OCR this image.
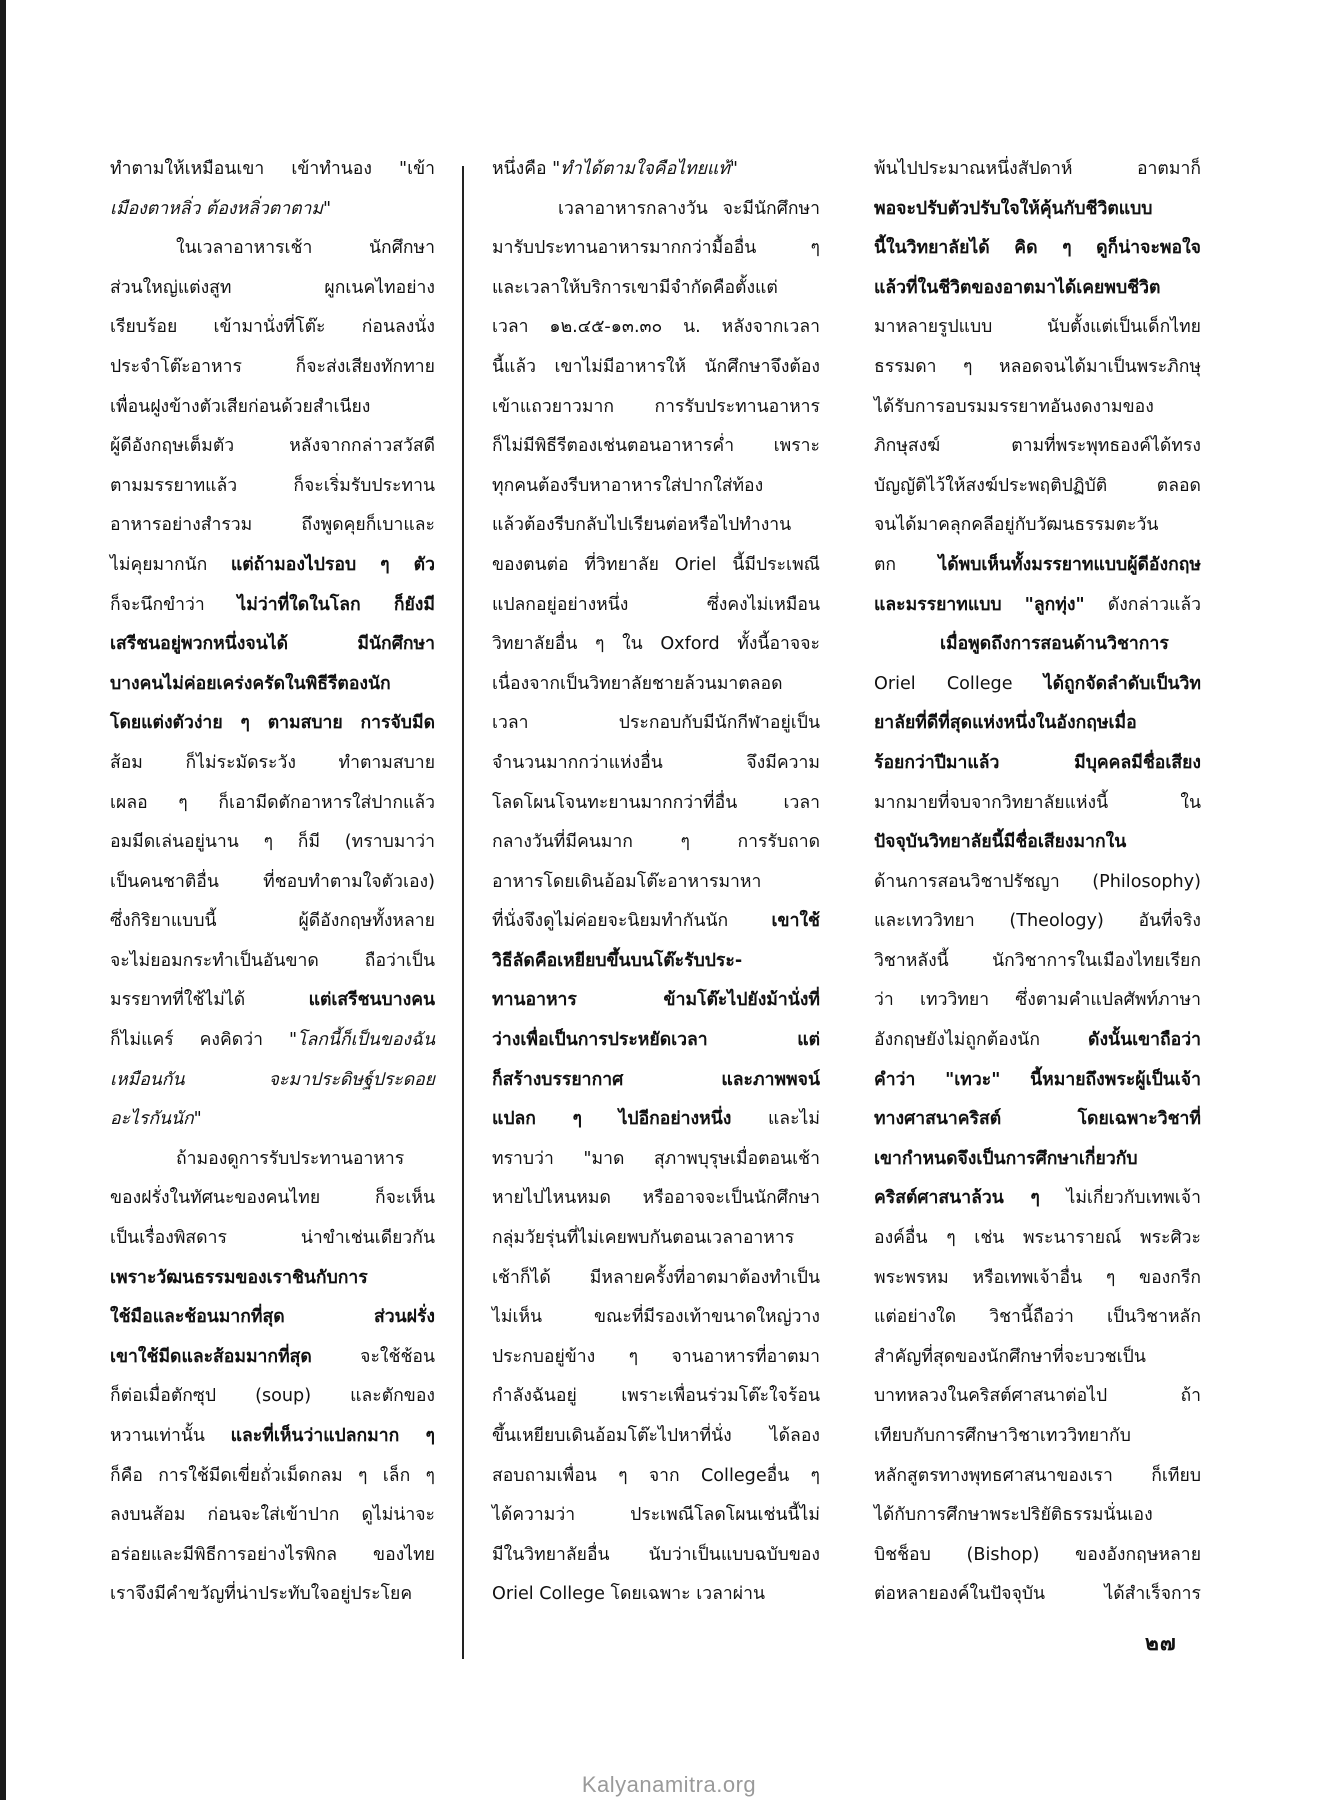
ทำตามให้เหมือนเขา เข้าทำนอง "เข้า

เมืองตาหลิ่ว ต้องหลิ่วตาตาม"

ในเวลาอาหารเช้า นักศึกษา

ส่วนใหญ่แต่งสูท ผูกเนคไทอย่าง

เรียบร้อย เข้ามานั่งที่โต๊ะ ก่อนลงนั่ง

ประจำโต๊ะอาหาร ก็จะส่งเสียงทักทาย

เพื่อนฝูงข้างตัวเสียก่อนด้วยสำเนียง

ผู้ดีอังกฤษเต็มตัว หลังจากกล่าวสวัสดี

ตามมรรยาทแล้ว ก็จะเริ่มรับประทาน

อาหารอย่างสำรวม ถึงพูดคุยก็เบาและ

ไม่คุยมากนัก แต่ถ้ามองไปรอบ ๆ ตัว

ก็จะนึกขำว่า ไม่ว่าที่ใดในโลก ก็ยังมี

เสรีชนอยู่พวกหนึ่งจนได้ มีนักศึกษา

บางคนไม่ค่อยเคร่งครัดในพิธีรีตองนัก

โดยแต่งตัวง่าย ๆ ตามสบาย การจับมีด

ส้อม ก็ไม่ระมัดระวัง ทำตามสบาย

เผลอ ๆ ก็เอามีดตักอาหารใส่ปากแล้ว

อมมีดเล่นอยู่นาน ๆ ก็มี (ทราบมาว่า

เป็นคนชาติอื่น ที่ชอบทำตามใจตัวเอง)

ซึ่งกิริยาแบบนี้ ผู้ดีอังกฤษทั้งหลาย

จะไม่ยอมกระทำเป็นอันขาด ถือว่าเป็น

มรรยาทที่ใช้ไม่ได้ แต่เสรีชนบางคน

ก็ไม่แคร์ คงคิดว่า "โลกนี้ก็เป็นของฉัน

เหมือนกัน จะมาประดิษฐ์ประดอย

อะไรกันนัก"

ถ้ามองดูการรับประทานอาหาร

ของฝรั่งในทัศนะของคนไทย ก็จะเห็น

เป็นเรื่องพิสดาร น่าขำเช่นเดียวกัน

เพราะวัฒนธรรมของเราชินกับการ

ใช้มือและช้อนมากที่สุด ส่วนฝรั่ง

เขาใช้มีดและส้อมมากที่สุด จะใช้ช้อน

ก็ต่อเมื่อตักซุป (soup) และตักของ

หวานเท่านั้น และที่เห็นว่าแปลกมาก ๆ

ก็คือ การใช้มีดเขี่ยถั่วเม็ดกลม ๆ เล็ก ๆ

ลงบนส้อม ก่อนจะใส่เข้าปาก ดูไม่น่าจะ

อร่อยและมีพิธีการอย่างไรพิกล ของไทย

เราจึงมีคำขวัญที่น่าประทับใจอยู่ประโยค

หนึ่งคือ "ทำได้ตามใจคือไทยแท้"

เวลาอาหารกลางวัน จะมีนักศึกษา

มารับประทานอาหารมากกว่ามื้ออื่น ๆ

และเวลาให้บริการเขามีจำกัดคือตั้งแต่

เวลา ๑๒.๔๕-๑๓.๓๐ น. หลังจากเวลา

นี้แล้ว เขาไม่มีอาหารให้ นักศึกษาจึงต้อง

เข้าแถวยาวมาก การรับประทานอาหาร

ก็ไม่มีพิธีรีตองเช่นตอนอาหารค่ำ เพราะ

ทุกคนต้องรีบหาอาหารใส่ปากใส่ท้อง

แล้วต้องรีบกลับไปเรียนต่อหรือไปทำงาน

ของตนต่อ ที่วิทยาลัย Oriel นี้มีประเพณี

แปลกอยู่อย่างหนึ่ง ซึ่งคงไม่เหมือน

วิทยาลัยอื่น ๆ ใน Oxford ทั้งนี้อาจจะ

เนื่องจากเป็นวิทยาลัยชายล้วนมาตลอด

เวลา ประกอบกับมีนักกีฬาอยู่เป็น

จำนวนมากกว่าแห่งอื่น จึงมีความ

โลดโผนโจนทะยานมากกว่าที่อื่น เวลา

กลางวันที่มีคนมาก ๆ การรับถาด

อาหารโดยเดินอ้อมโต๊ะอาหารมาหา

ที่นั่งจึงดูไม่ค่อยจะนิยมทำกันนัก เขาใช้

วิธีลัดคือเหยียบขึ้นบนโต๊ะรับประ-

ทานอาหาร ข้ามโต๊ะไปยังม้านั่งที่

ว่างเพื่อเป็นการประหยัดเวลา แต่

ก็สร้างบรรยากาศ และภาพพจน์

แปลก ๆ ไปอีกอย่างหนึ่ง และไม่

ทราบว่า "มาด สุภาพบุรุษเมื่อตอนเช้า

หายไปไหนหมด หรืออาจจะเป็นนักศึกษา

กลุ่มวัยรุ่นที่ไม่เคยพบกันตอนเวลาอาหาร

เช้าก็ได้ มีหลายครั้งที่อาตมาต้องทำเป็น

ไม่เห็น ขณะที่มีรองเท้าขนาดใหญ่วาง

ประกบอยู่ข้าง ๆ จานอาหารที่อาตมา

กำลังฉันอยู่ เพราะเพื่อนร่วมโต๊ะใจร้อน

ขึ้นเหยียบเดินอ้อมโต๊ะไปหาที่นั่ง ได้ลอง

สอบถามเพื่อน ๆ จาก Collegeอื่น ๆ

ได้ความว่า ประเพณีโลดโผนเช่นนี้ไม่

มีในวิทยาลัยอื่น นับว่าเป็นแบบฉบับของ

Oriel College โดยเฉพาะ เวลาผ่าน

พ้นไปประมาณหนึ่งสัปดาห์ อาตมาก็

พอจะปรับตัวปรับใจให้คุ้นกับชีวิตแบบ

นี้ในวิทยาลัยได้ คิด ๆ ดูก็น่าจะพอใจ

แล้วที่ในชีวิตของอาตมาได้เคยพบชีวิต

มาหลายรูปแบบ นับตั้งแต่เป็นเด็กไทย

ธรรมดา ๆ หลอดจนได้มาเป็นพระภิกษุ

ได้รับการอบรมมรรยาทอันงดงามของ

ภิกษุสงฆ์ ตามที่พระพุทธองค์ได้ทรง

บัญญัติไว้ให้สงฆ์ประพฤติปฏิบัติ ตลอด

จนได้มาคลุกคลีอยู่กับวัฒนธรรมตะวัน

ตก ได้พบเห็นทั้งมรรยาทแบบผู้ดีอังกฤษ

และมรรยาทแบบ "ลูกทุ่ง" ดังกล่าวแล้ว

เมื่อพูดถึงการสอนด้านวิชาการ

Oriel College ได้ถูกจัดลำดับเป็นวิท

ยาลัยที่ดีที่สุดแห่งหนึ่งในอังกฤษเมื่อ

ร้อยกว่าปีมาแล้ว มีบุคคลมีชื่อเสียง

มากมายที่จบจากวิทยาลัยแห่งนี้ ใน

ปัจจุบันวิทยาลัยนี้มีชื่อเสียงมากใน

ด้านการสอนวิชาปรัชญา (Philosophy)

และเทววิทยา (Theology) อันที่จริง

วิชาหลังนี้ นักวิชาการในเมืองไทยเรียก

ว่า เทววิทยา ซึ่งตามคำแปลศัพท์ภาษา

อังกฤษยังไม่ถูกต้องนัก ดังนั้นเขาถือว่า

คำว่า "เทวะ" นี้หมายถึงพระผู้เป็นเจ้า

ทางศาสนาคริสต์ โดยเฉพาะวิชาที่

เขากำหนดจึงเป็นการศึกษาเกี่ยวกับ

คริสต์ศาสนาล้วน ๆ ไม่เกี่ยวกับเทพเจ้า

องค์อื่น ๆ เช่น พระนารายณ์ พระศิวะ

พระพรหม หรือเทพเจ้าอื่น ๆ ของกรีก

แต่อย่างใด วิชานี้ถือว่า เป็นวิชาหลัก

สำคัญที่สุดของนักศึกษาที่จะบวชเป็น

บาทหลวงในคริสต์ศาสนาต่อไป ถ้า

เทียบกับการศึกษาวิชาเทววิทยากับ

หลักสูตรทางพุทธศาสนาของเรา ก็เทียบ

ได้กับการศึกษาพระปริยัติธรรมนั่นเอง

บิชช็อบ (Bishop) ของอังกฤษหลาย

ต่อหลายองค์ในปัจจุบัน ได้สำเร็จการ

๒๗
Kalyanamitra.org
